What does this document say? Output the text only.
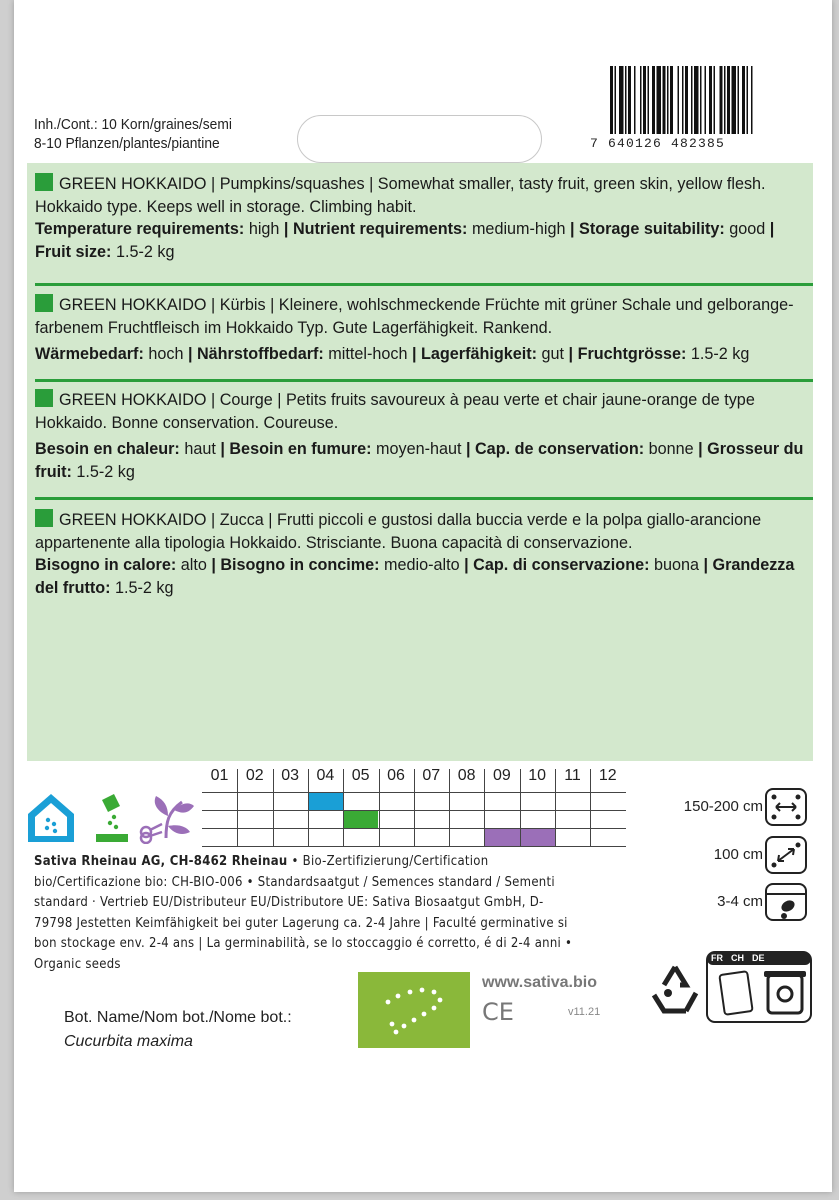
Inh./Cont.: 10 Korn/graines/semi
8-10 Pflanzen/plantes/piantine	7 640126 482385
GREEN HOKKAIDO | Pumpkins/squashes | Somewhat smaller, tasty fruit, green skin, yellow flesh. Hokkaido type. Keeps well in storage. Climbing habit.
Temperature requirements: high | Nutrient requirements: medium-high | Storage suitability: good | Fruit size: 1.5-2 kg
GREEN HOKKAIDO | Kürbis | Kleinere, wohlschmeckende Früchte mit grüner Schale und gelborange-farbenem Fruchtfleisch im Hokkaido Typ. Gute Lagerfähigkeit. Rankend.

Wärmebedarf: hoch | Nährstoffbedarf: mittel-hoch | Lagerfähigkeit: gut | Fruchtgrösse: 1.5-2 kg
GREEN HOKKAIDO | Courge | Petits fruits savoureux à peau verte et chair jaune-orange de type Hokkaido. Bonne conservation. Coureuse.

Besoin en chaleur: haut | Besoin en fumure: moyen-haut | Cap. de conservation: bonne | Grosseur du fruit: 1.5-2 kg
GREEN HOKKAIDO | Zucca | Frutti piccoli e gustosi dalla buccia verde e la polpa giallo-arancione appartenente alla tipologia Hokkaido. Strisciante. Buona capacità di conservazione.
Bisogno in calore: alto | Bisogno in concime: medio-alto | Cap. di conservazione: buona | Grandezza del frutto: 1.5-2 kg
01	02	03	04	05	06	07	08	09	10	11	12
Sativa Rheinau AG, CH-8462 Rheinau • Bio-Zertifizierung/Certification bio/Certificazione bio: CH-BIO-006 • Standardsaatgut / Semences standard / Sementi standard · Vertrieb EU/Distributeur EU/Distributore UE: Sativa Biosaatgut GmbH, D-79798 Jestetten Keimfähigkeit bei guter Lagerung ca. 2-4 Jahre | Faculté germinative si bon stockage env. 2-4 ans | La germinabilità, se lo stoccaggio é corretto, é di 2-4 anni • Organic seeds
150-200 cm
100 cm
3-4 cm
Bot. Name/Nom bot./Nome bot.:
Cucurbita maxima
www.sativa.bio
CE	v11.21
FR CH DE
